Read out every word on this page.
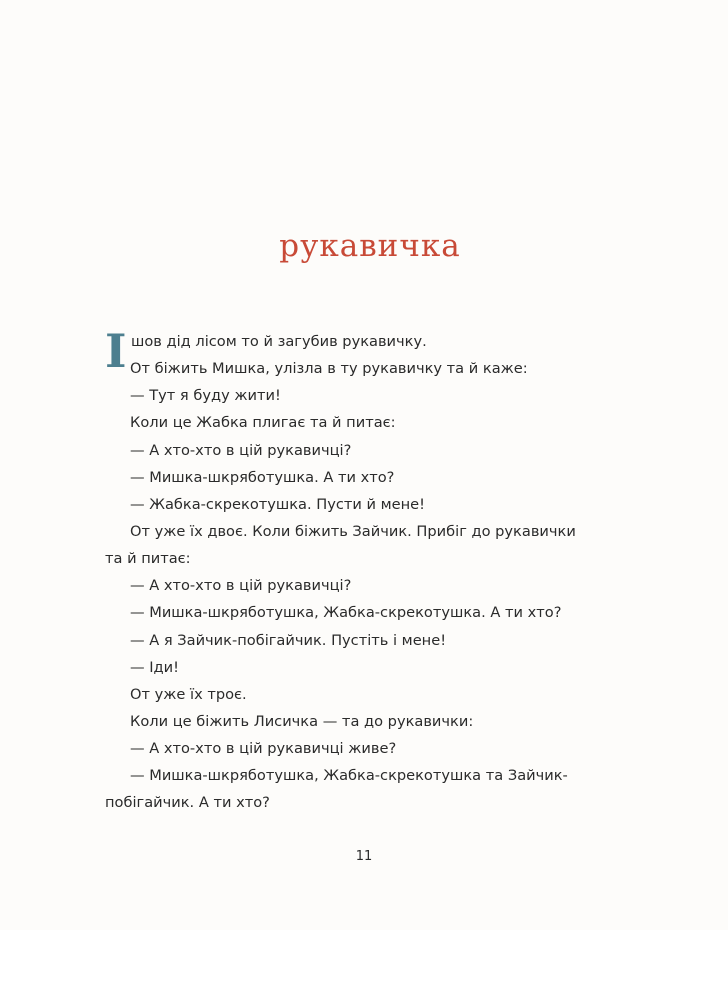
рукавичка
І шов дід лісом то й загубив рукавичку.
От біжить Мишка, улізла в ту рукавичку та й каже:
— Тут я буду жити!
Коли це Жабка плигає та й питає:
— А хто-хто в цій рукавичці?
— Мишка-шкряботушка. А ти хто?
— Жабка-скрекотушка. Пусти й мене!
От уже їх двоє. Коли біжить Зайчик. Прибіг до рукавички
та й питає:
— А хто-хто в цій рукавичці?
— Мишка-шкряботушка, Жабка-скрекотушка. А ти хто?
— А я Зайчик-побігайчик. Пустіть і мене!
— Іди!
От уже їх троє.
Коли це біжить Лисичка — та до рукавички:
— А хто-хто в цій рукавичці живе?
— Мишка-шкряботушка, Жабка-скрекотушка та Зайчик-
побігайчик. А ти хто?
11
